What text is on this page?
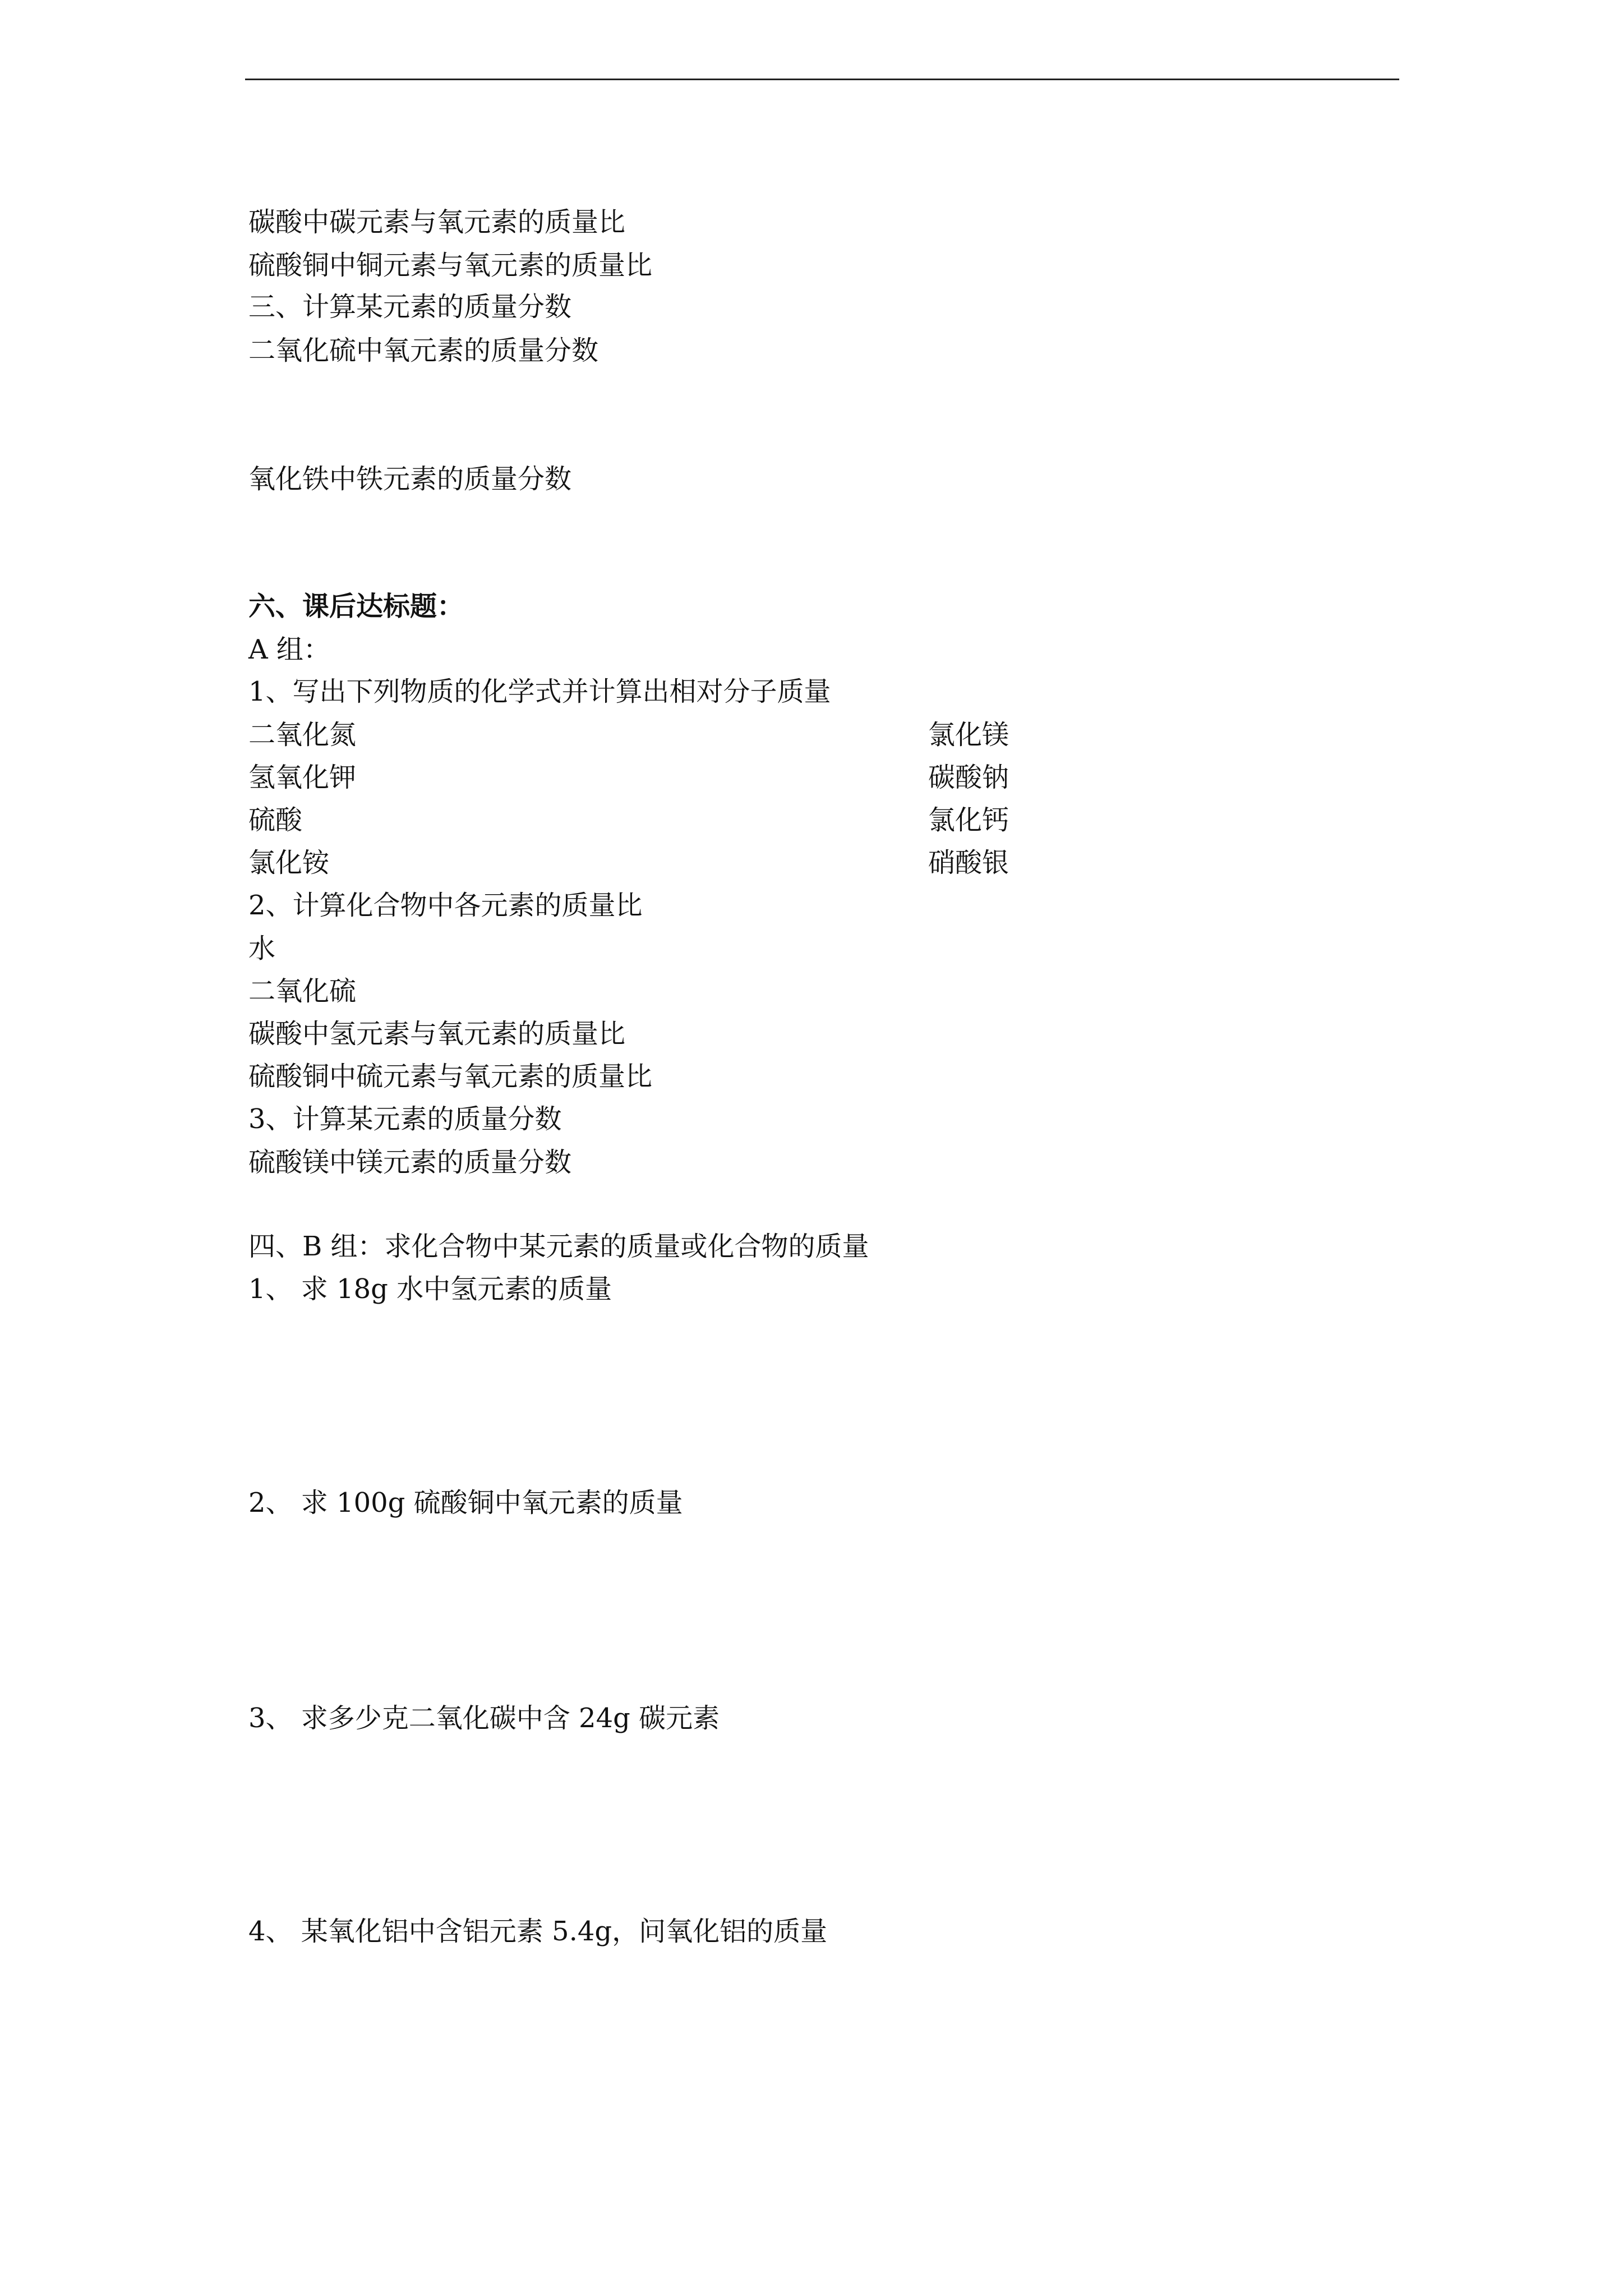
碳酸中碳元素与氧元素的质量比
硫酸铜中铜元素与氧元素的质量比
三、计算某元素的质量分数
二氧化硫中氧元素的质量分数
氧化铁中铁元素的质量分数
六、课后达标题：
A 组：
1、写出下列物质的化学式并计算出相对分子质量
二氧化氮	氯化镁
氢氧化钾	碳酸钠
硫酸	氯化钙
氯化铵	硝酸银
2、计算化合物中各元素的质量比
水
二氧化硫
碳酸中氢元素与氧元素的质量比
硫酸铜中硫元素与氧元素的质量比
3、计算某元素的质量分数
硫酸镁中镁元素的质量分数
四、B 组：求化合物中某元素的质量或化合物的质量
1、 求 18g 水中氢元素的质量
2、 求 100g 硫酸铜中氧元素的质量
3、 求多少克二氧化碳中含 24g 碳元素
4、 某氧化铝中含铝元素 5.4g，问氧化铝的质量
